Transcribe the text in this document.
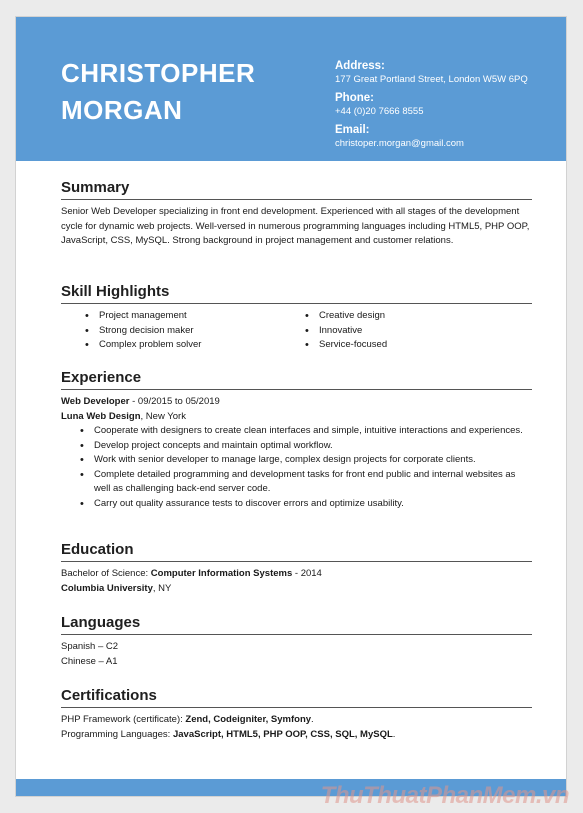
CHRISTOPHER
MORGAN

Address:

177 Great Portland Street, London W5W 6PQ

Phone:

+44 (0)20 7666 8555

Email:

christoper.morgan@gmail.com

Summary

Senior Web Developer specializing in front end development. Experienced with all stages of the development cycle for dynamic web projects. Well-versed in numerous programming languages including HTML5, PHP OOP, JavaScript, CSS, MySQL. Strong background in project management and customer relations.

Skill Highlights
• Project management
• Strong decision maker
• Complex problem solver
• Creative design
• Innovative
• Service-focused
Experience

Web Developer - 09/2015 to 05/2019

Luna Web Design, New York

• Cooperate with designers to create clean interfaces and simple, intuitive interactions and experiences.
• Develop project concepts and maintain optimal workflow.
• Work with senior developer to manage large, complex design projects for corporate clients.
• Complete detailed programming and development tasks for front end public and internal websites as well as challenging back-end server code.
• Carry out quality assurance tests to discover errors and optimize usability.
Education

Bachelor of Science: Computer Information Systems - 2014

Columbia University, NY

Languages

Spanish – C2

Chinese – A1

Certifications

PHP Framework (certificate): Zend, Codeigniter, Symfony.

Programming Languages: JavaScript, HTML5, PHP OOP, CSS, SQL, MySQL.

ThuThuatPhanMem.vn
